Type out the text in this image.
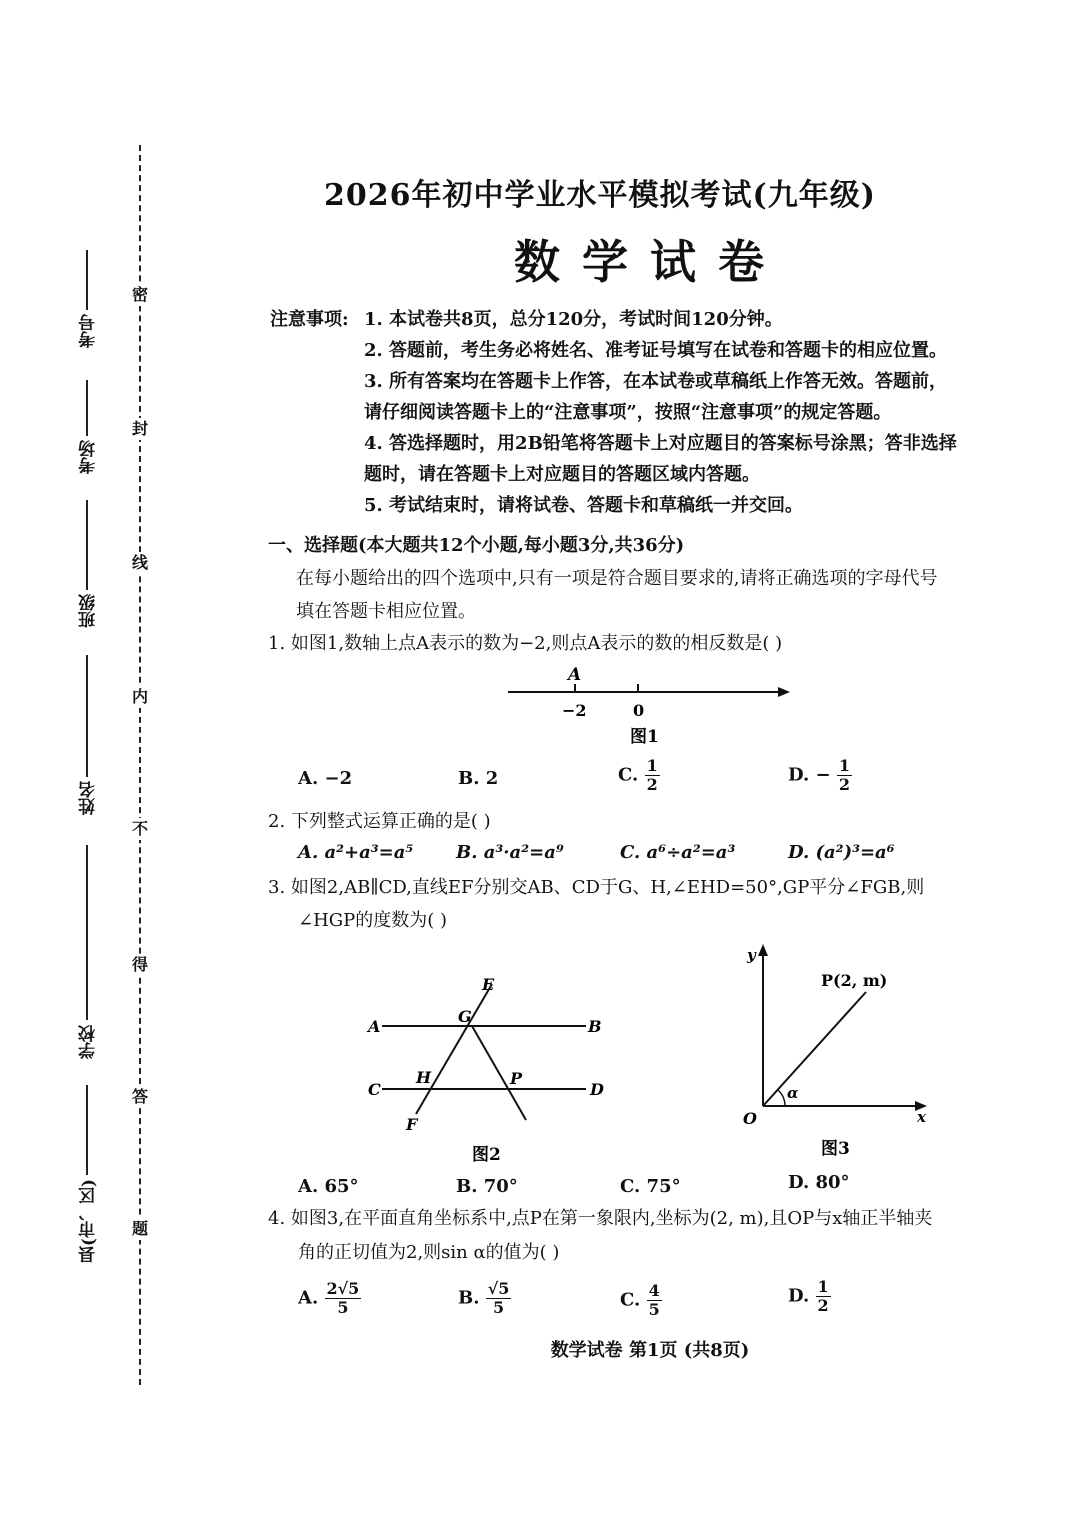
密
封
线
内
不
得
答
题
考号
考场
班级
姓名
学校
县(市、区)
2026年初中学业水平模拟考试(九年级)
数学试卷
注意事项: 1. 本试卷共8页，总分120分，考试时间120分钟。
2. 答题前，考生务必将姓名、准考证号填写在试卷和答题卡的相应位置。
3. 所有答案均在答题卡上作答，在本试卷或草稿纸上作答无效。答题前，
请仔细阅读答题卡上的“注意事项”，按照“注意事项”的规定答题。
4. 答选择题时，用2B铅笔将答题卡上对应题目的答案标号涂黑；答非选择
题时，请在答题卡上对应题目的答题区域内答题。
5. 考试结束时，请将试卷、答题卡和草稿纸一并交回。
一、选择题(本大题共12个小题,每小题3分,共36分)
在每小题给出的四个选项中,只有一项是符合题目要求的,请将正确选项的字母代号
填在答题卡相应位置。
1. 如图1,数轴上点A表示的数为−2,则点A表示的数的相反数是( )
A
−2	0
图1
A. −2	B. 2	C. $\frac{1}{2}$	D. − $\frac{1}{2}$
2. 下列整式运算正确的是( )
A. a²+a³=a⁵ B. a³·a²=a⁹	C. a⁶÷a²=a³	D. (a²)³=a⁶
3. 如图2,AB∥CD,直线EF分别交AB、CD于G、H,∠EHD=50°,GP平分∠FGB,则
∠HGP的度数为( )
A	B
C	D
E
F
G
H	P
图2
y
x
O
P(2, m)
α
图3
A. 65°	B. 70°	C. 75°	D. 80°
4. 如图3,在平面直角坐标系中,点P在第一象限内,坐标为(2, m),且OP与x轴正半轴夹
角的正切值为2,则sin α的值为( )
A. $\frac{2√5}{5}$	B. $\frac{√5}{5}$	C. $\frac{4}{5}$	D. $\frac{1}{2}$
数学试卷 第1页 (共8页)
